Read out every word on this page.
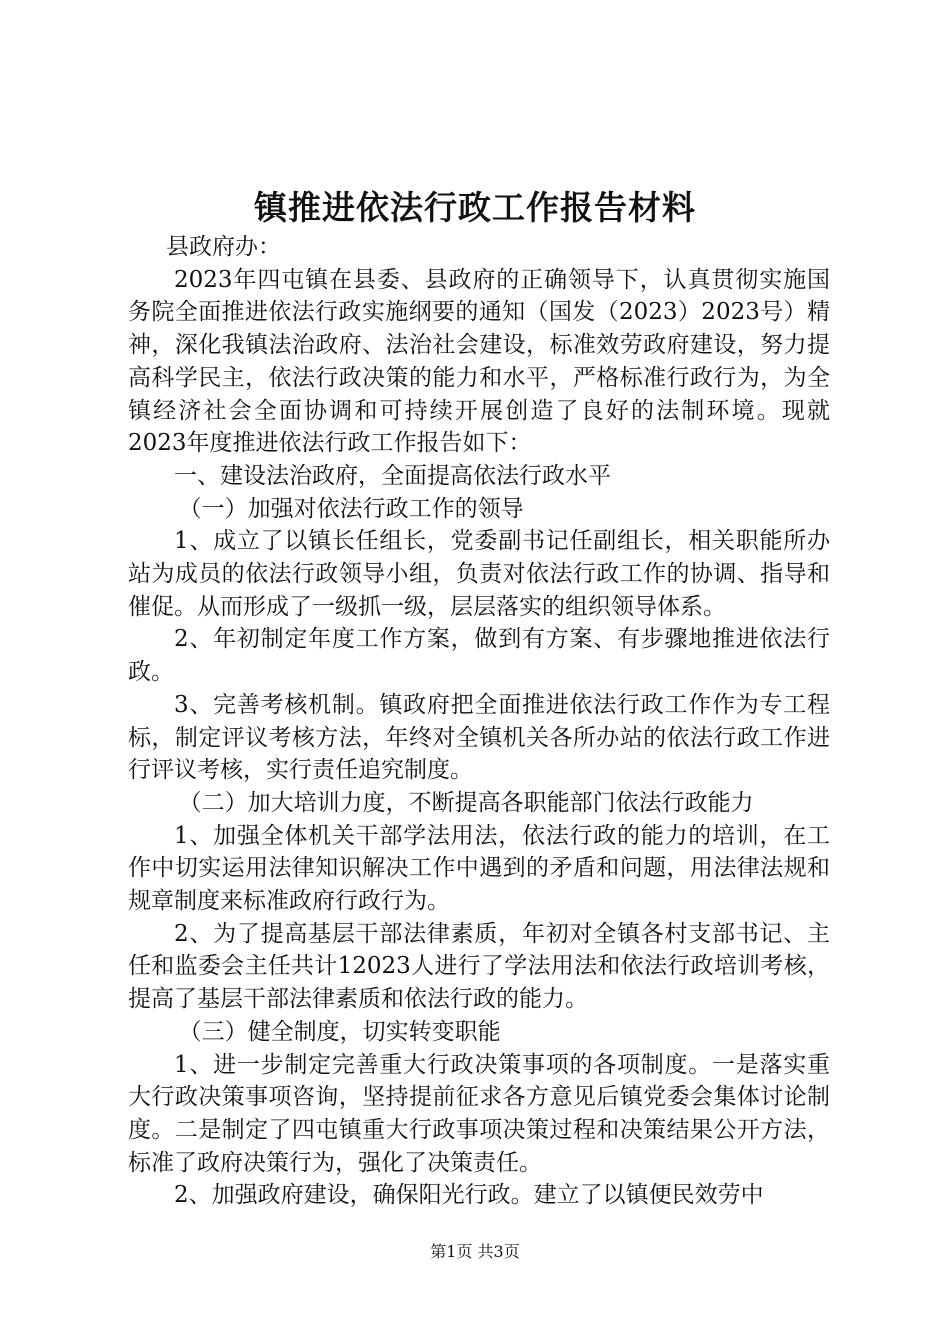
镇推进依法行政工作报告材料

县政府办：

2023年四屯镇在县委、县政府的正确领导下，认真贯彻实施国务院全面推进依法行政实施纲要的通知（国发（2023）2023号）精神，深化我镇法治政府、法治社会建设，标准效劳政府建设，努力提高科学民主，依法行政决策的能力和水平，严格标准行政行为，为全镇经济社会全面协调和可持续开展创造了良好的法制环境。现就2023年度推进依法行政工作报告如下：

一、建设法治政府，全面提高依法行政水平

（一）加强对依法行政工作的领导

1、成立了以镇长任组长，党委副书记任副组长，相关职能所办站为成员的依法行政领导小组，负责对依法行政工作的协调、指导和催促。从而形成了一级抓一级，层层落实的组织领导体系。

2、年初制定年度工作方案，做到有方案、有步骤地推进依法行政。

3、完善考核机制。镇政府把全面推进依法行政工作作为专工程标，制定评议考核方法，年终对全镇机关各所办站的依法行政工作进行评议考核，实行责任追究制度。

（二）加大培训力度，不断提高各职能部门依法行政能力

1、加强全体机关干部学法用法，依法行政的能力的培训，在工作中切实运用法律知识解决工作中遇到的矛盾和问题，用法律法规和规章制度来标准政府行政行为。

2、为了提高基层干部法律素质，年初对全镇各村支部书记、主任和监委会主任共计12023人进行了学法用法和依法行政培训考核，提高了基层干部法律素质和依法行政的能力。

（三）健全制度，切实转变职能

1、进一步制定完善重大行政决策事项的各项制度。一是落实重大行政决策事项咨询，坚持提前征求各方意见后镇党委会集体讨论制度。二是制定了四屯镇重大行政事项决策过程和决策结果公开方法，标准了政府决策行为，强化了决策责任。

2、加强政府建设，确保阳光行政。建立了以镇便民效劳中

第1页 共3页
